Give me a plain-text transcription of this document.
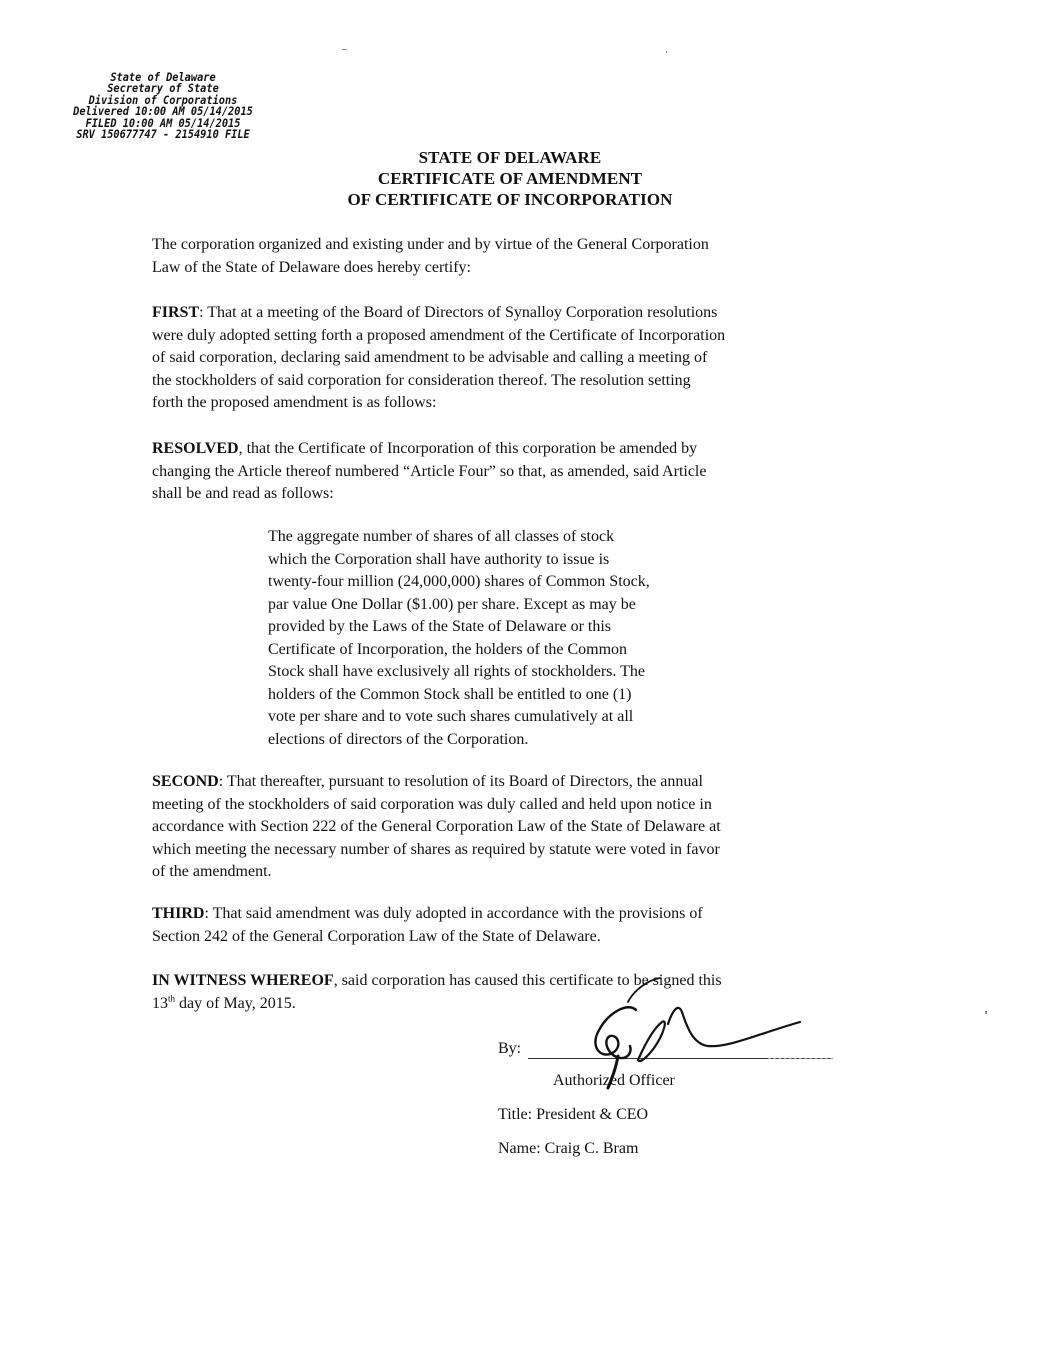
State of Delaware
Secretary of State
Division of Corporations
Delivered 10:00 AM 05/14/2015
FILED 10:00 AM 05/14/2015
SRV 150677747 - 2154910 FILE
STATE OF DELAWARE
CERTIFICATE OF AMENDMENT
OF CERTIFICATE OF INCORPORATION
The corporation organized and existing under and by virtue of the General Corporation
Law of the State of Delaware does hereby certify:
FIRST: That at a meeting of the Board of Directors of Synalloy Corporation resolutions
were duly adopted setting forth a proposed amendment of the Certificate of Incorporation
of said corporation, declaring said amendment to be advisable and calling a meeting of
the stockholders of said corporation for consideration thereof. The resolution setting
forth the proposed amendment is as follows:
RESOLVED, that the Certificate of Incorporation of this corporation be amended by
changing the Article thereof numbered “Article Four” so that, as amended, said Article
shall be and read as follows:
The aggregate number of shares of all classes of stock
which the Corporation shall have authority to issue is
twenty-four million (24,000,000) shares of Common Stock,
par value One Dollar ($1.00) per share. Except as may be
provided by the Laws of the State of Delaware or this
Certificate of Incorporation, the holders of the Common
Stock shall have exclusively all rights of stockholders. The
holders of the Common Stock shall be entitled to one (1)
vote per share and to vote such shares cumulatively at all
elections of directors of the Corporation.
SECOND: That thereafter, pursuant to resolution of its Board of Directors, the annual
meeting of the stockholders of said corporation was duly called and held upon notice in
accordance with Section 222 of the General Corporation Law of the State of Delaware at
which meeting the necessary number of shares as required by statute were voted in favor
of the amendment.
THIRD: That said amendment was duly adopted in accordance with the provisions of
Section 242 of the General Corporation Law of the State of Delaware.
IN WITNESS WHEREOF, said corporation has caused this certificate to be signed this
13th day of May, 2015.
By:
Authorized Officer
Title: President & CEO
Name: Craig C. Bram
